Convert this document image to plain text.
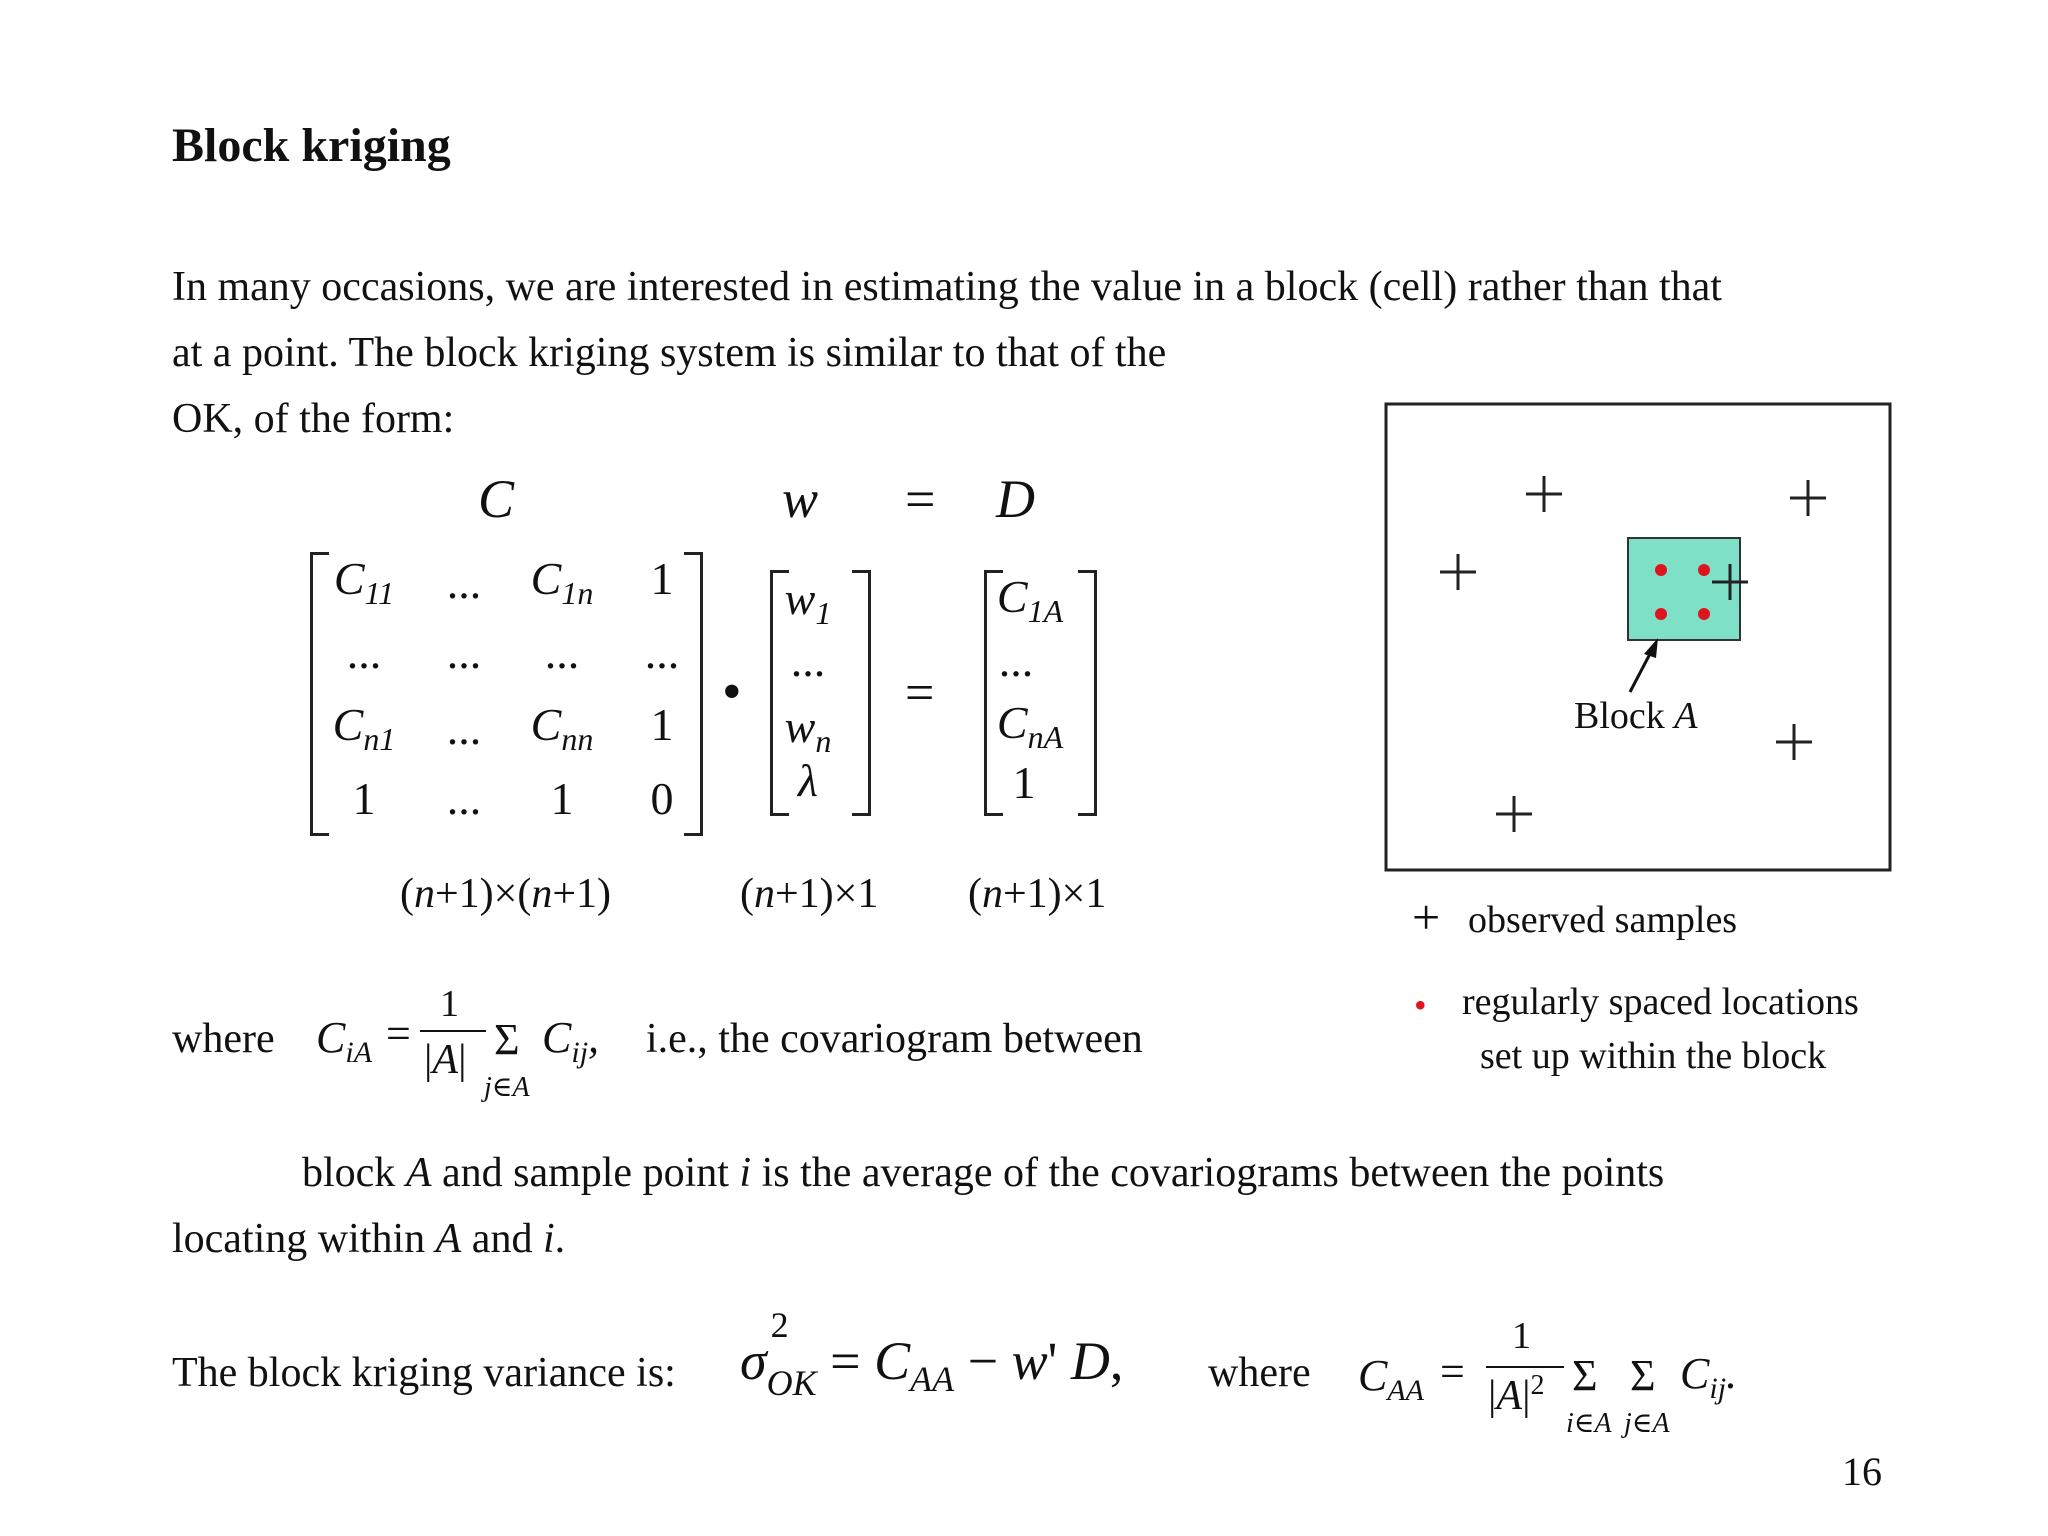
Block kriging
In many occasions, we are interested in estimating the value in a block (cell) rather than that
at a point. The block kriging system is similar to that of the
OK, of the form:
C	w = D
$C_{11}$	...	$C_{1n}$	1
...	...	...	...
$C_{n1}$	...	$C_{nn}$	1
1	...	1	0
•
$w_1$
...
$w_n$
λ
=
$C_{1A}$
...
$C_{nA}$
1
(n+1)×(n+1)	(n+1)×1 (n+1)×1
Block A
+ observed samples
• regularly spaced locations
set up within the block
where $C_{iA}$ =
1
|A| Σ
j∈A
$C_{ij}$, i.e., the covariogram between
block A and sample point i is the average of the covariograms between the points
locating within A and i.
The block kriging variance is: σ
2
$_{OK} = C_{AA} - w'$ D, where $C_{AA}$ =
1
$|A|^2$ Σ
i∈A
Σ
j∈A
$C_{ij}$.
16
